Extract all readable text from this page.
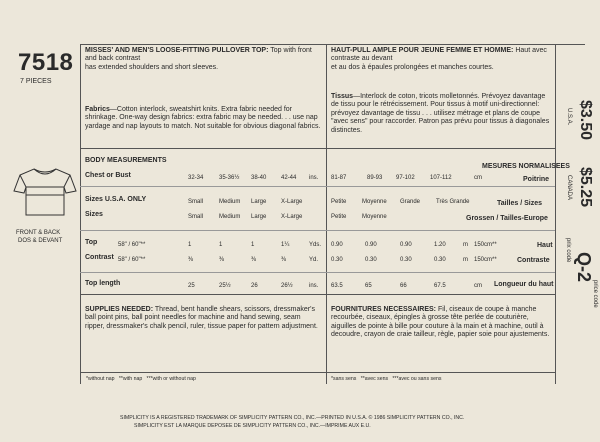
7518
7 PIECES
FRONT & BACK
DOS & DEVANT
MISSES' AND MEN'S LOOSE-FITTING PULLOVER TOP: Top with front and back contrast
has extended shoulders and short sleeves.
Fabrics—Cotton interlock, sweatshirt knits. Extra fabric needed for shrinkage. One-way design fabrics: extra fabric may be needed. . . use nap yardage and nap layouts to match. Not suitable for obvious diagonal fabrics.
HAUT-PULL AMPLE POUR JEUNE FEMME ET HOMME: Haut avec contraste au devant
et au dos à épaules prolongées et manches courtes.
Tissus—Interlock de coton, tricots molletonnés. Prévoyez davantage de tissu pour le rétrécissement. Pour tissus à motif uni-directionnel: prévoyez davantage de tissu . . . utilisez métrage et plans de coupe "avec sens" pour raccorder. Patron pas prévu pour tissus à diagonales distinctes.
BODY MEASUREMENTS
MESURES NORMALISEES
Chest or Bust	32-34	35-36½ 38-40 42-44 ins. 81-87	89-93 97-102	107-112	cm	Poitrine
Sizes U.S.A. ONLY	Small	Medium Large X-Large	Petite	Moyenne Grande	Très Grande	Tailles / Sizes
Sizes	Small	Medium Large X-Large	Petite	Moyenne	Grossen / Tailles-Europe
Top	58" / 60"**	1	1	1	1¼	Yds. 0.90	0.90	0.90	1.20	m 150cm**	Haut
Contrast 58" / 60"**	⅜	⅜	⅜	⅜	Yd. 0.30	0.30	0.30	0.30	m 150cm**	Contraste
Top length	25	25½	26	26½	ins. 63.5	65	66	67.5	cm Longueur du haut
SUPPLIES NEEDED: Thread, bent handle shears, scissors, dressmaker's ball point pins, ball point needles for machine and hand sewing, seam ripper, dressmaker's chalk pencil, ruler, tissue paper for pattern adjustment.
FOURNITURES NECESSAIRES: Fil, ciseaux de coupe à manche recourbée, ciseaux, épingles à grosse tête perlée de couturière, aiguilles de pointe à bille pour couture à la main et à machine, outil à decoudre, crayon de craie tailleur, règle, papier soie pour ajustements.
*without nap   **with nap   ***with or without nap	*sans sens   **avec sens   ***avec ou sans sens
SIMPLICITY IS A REGISTERED TRADEMARK OF SIMPLICITY PATTERN CO., INC.—PRINTED IN U.S.A. © 1986 SIMPLICITY PATTERN CO., INC.
SIMPLICITY EST LA MARQUE DEPOSEE DE SIMPLICITY PATTERN CO., INC.—IMPRIME AUX E.U.
$3.50
U.S.A.
$5.25
CANADA
prix code
Q-2
price code
